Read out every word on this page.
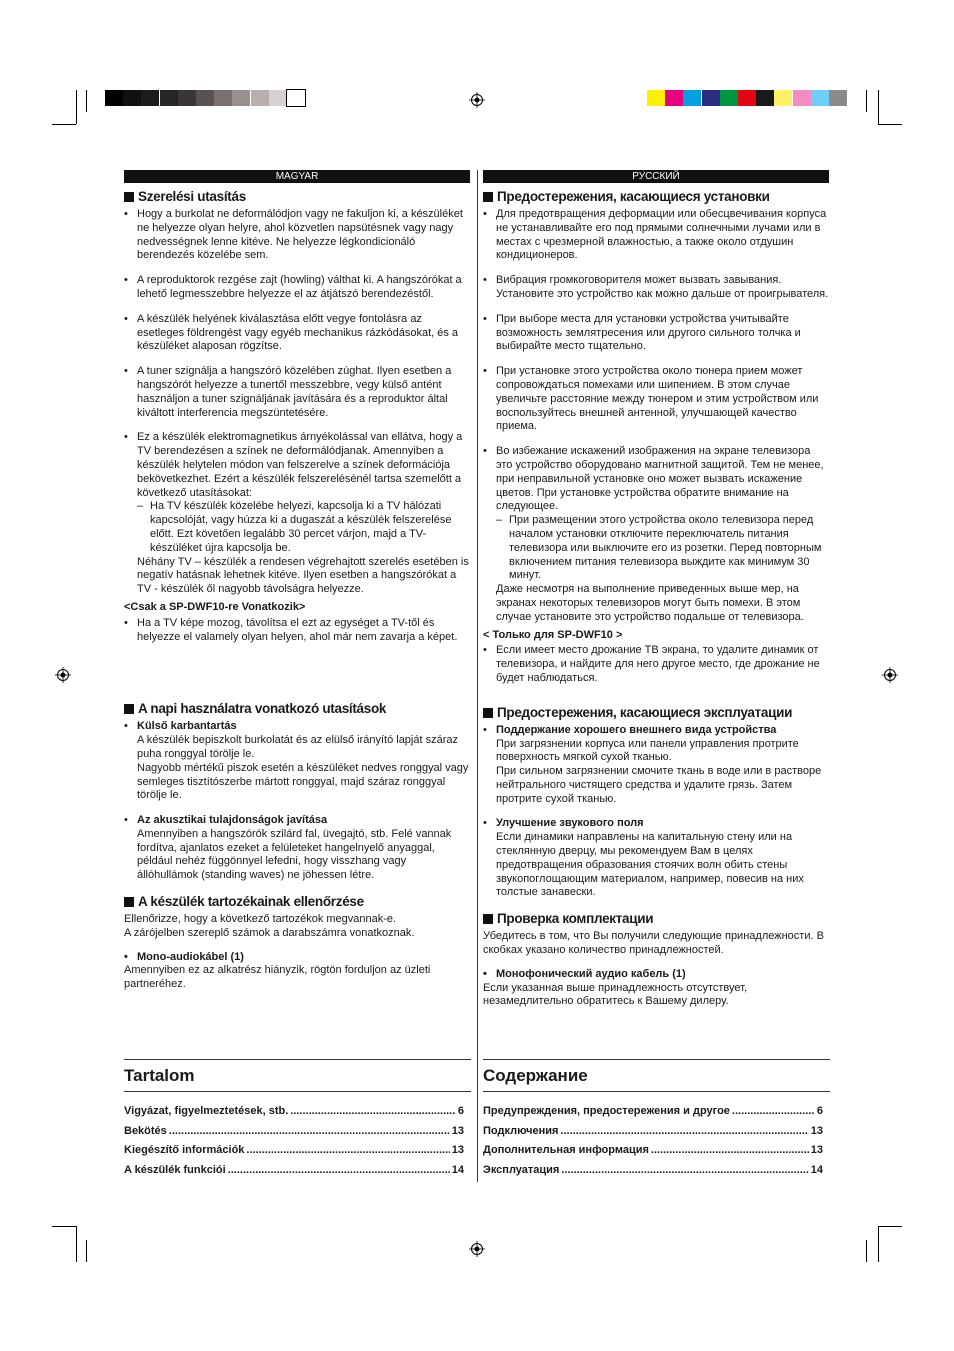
MAGYAR
Szerelési utasítás
• Hogy a burkolat ne deformálódjon vagy ne fakuljon ki, a készüléket ne helyezze olyan helyre, ahol közvetlen napsütésnek vagy nagy nedvességnek lenne kitéve. Ne helyezze légkondicionáló berendezés közelébe sem.
• A reproduktorok rezgése zajt (howling) válthat ki. A hangszórókat a lehető legmesszebbre helyezze el az átjátszó berendezéstől.
• A készülék helyének kiválasztása előtt vegye fontolásra az esetleges földrengést vagy egyéb mechanikus rázkódásokat, és a készüléket alaposan rögzítse.
• A tuner szignálja a hangszóró közelében zúghat. Ilyen esetben a hangszórót helyezze a tunertől messzebbre, vegy külső antént használjon a tuner szignáljának javítására és a reproduktor által kiváltott interferencia megszüntetésére.

• Ez a készülék elektromagnetikus árnyékolással van ellátva, hogy a TV berendezésen a színek ne deformálódjanak. Amennyiben a készülék helytelen módon van felszerelve a színek deformációja bekövetkezhet. Ezért a készülék felszerelésénél tartsa szemelőtt a következő utasításokat:

– Ha TV készülék közelébe helyezi, kapcsolja ki a TV hálózati kapcsolóját, vagy húzza ki a dugaszát a készülék felszerelése előtt. Ezt követően legalább 30 percet várjon, majd a TV- készüléket újra kapcsolja be.

Néhány TV – készülék a rendesen végrehajtott szerelés esetében is negatív hatásnak lehetnek kitéve. Ilyen esetben a hangszórókat a TV - készülék ől nagyobb távolságra helyezze.

<Csak a SP-DWF10-re Vonatkozik>
• Ha a TV képe mozog, távolítsa el ezt az egységet a TV-től és helyezze el valamely olyan helyen, ahol már nem zavarja a képet.
A napi használatra vonatkozó utasítások

• Külső karbantartás

A készülék bepiszkolt burkolatát és az elülső irányító lapját száraz puha ronggyal törölje le.

Nagyobb mértékű piszok esetén a készüléket nedves ronggyal vagy semleges tisztítószerbe mártott ronggyal, majd száraz ronggyal törölje le.

• Az akusztikai tulajdonságok javítása

Amennyiben a hangszórók szilárd fal, üvegajtó, stb. Felé vannak fordítva, ajanlatos ezeket a felületeket hangelnyelő anyaggal, például nehéz függönnyel lefedni, hogy visszhang vagy állóhullámok (standing waves) ne jöhessen létre.

A készülék tartozékainak ellenőrzése

Ellenőrizze, hogy a következő tartozékok megvannak-e.

A zárójelben szereplő számok a darabszámra vonatkoznak.

• Mono-audiokábel (1)

Amennyiben ez az alkatrész hiányzik, rögtön forduljon az üzleti partneréhez.

РУССКИЙ
Предостережения, касающиеся установки
• Для предотвращения деформации или обесцвечивания корпуса не устанавливайте его под прямыми солнечными лучами или в местах с чрезмерной влажностью, а также около отдушин кондиционеров.
• Вибрация громкоговорителя может вызвать завывания. Установите это устройство как можно дальше от проигрывателя.
• При выборе места для установки устройства учитывайте возможность землятресения или другого сильного толчка и выбирайте место тщательно.
• При установке этого устройства около тюнера прием может сопровождаться помехами или шипением. В этом случае увеличьте расстояние между тюнером и этим устройством или воспользуйтесь внешней антенной, улучшающей качество приема.

• Во избежание искажений изображения на экране телевизора это устройство оборудовано магнитной защитой. Тем не менее, при неправильной установке оно может вызвать искажение цветов. При установке устройства обратите внимание на следующее.

– При размещении этого устройства около телевизора перед началом установки отключите переключатель питания телевизора или выключите его из розетки. Перед повторным включением питания телевизора выждите как минимум 30 минут.

Даже несмотря на выполнение приведенных выше мер, на экранах некоторых телевизоров могут быть помехи. В этом случае установите это устройство подальше от телевизора.

< Только для SP-DWF10 >
• Если имеет место дрожание ТВ экрана, то удалите динамик от телевизора, и найдите для него другое место, где дрожание не будет наблюдаться.
Предостережения, касающиеся эксплуатации

• Поддержание хорошего внешнего вида устройства

При загрязнении корпуса или панели управления протрите поверхность мягкой сухой тканью.

При сильном загрязнении смочите ткань в воде или в растворе нейтрального чистящего средства и удалите грязь. Затем протрите сухой тканью.

• Улучшение звукового поля

Если динамики направлены на капитальную стену или на стеклянную дверцу, мы рекомендуем Вам в целях предотвращения образования стоячих волн обить стены звукопоглощающим материалом, например, повесив на них толстые занавески.

Проверка комплектации

Убедитесь в том, что Вы получили следующие принадлежности. В скобках указано количество принадлежностей.

• Монофонический аудио кабель (1)

Если указанная выше принадлежность отсутствует, незамедлительно обратитесь к Вашему дилеру.

Tartalom
Vigyázat, figyelmeztetések, stb. .....	6
Bekötés .....	13
Kiegészítő információk .....	13
A készülék funkciói .....	14
Содержание
Предупреждения, предостережения и другое .....	6
Подключения .....	13
Дополнительная информация .....	13
Эксплуатация .....	14
